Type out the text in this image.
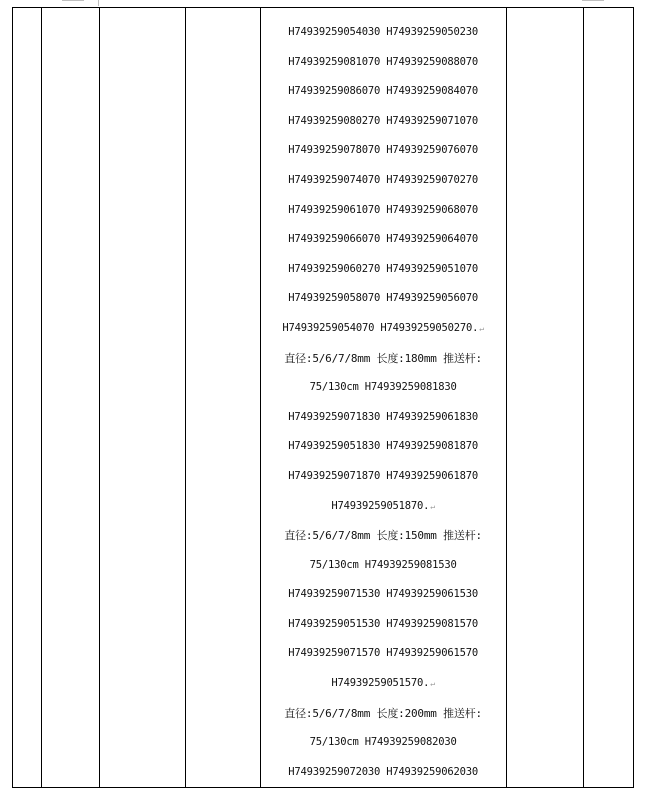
H74939259054030 H74939259050230
H74939259081070 H74939259088070
H74939259086070 H74939259084070
H74939259080270 H74939259071070
H74939259078070 H74939259076070
H74939259074070 H74939259070270
H74939259061070 H74939259068070
H74939259066070 H74939259064070
H74939259060270 H74939259051070
H74939259058070 H74939259056070
H74939259054070 H74939259050270.↵
直径:5/6/7/8mm 长度:180mm 推送杆:
75/130cm H74939259081830
H74939259071830 H74939259061830
H74939259051830 H74939259081870
H74939259071870 H74939259061870
H74939259051870.↵
直径:5/6/7/8mm 长度:150mm 推送杆:
75/130cm H74939259081530
H74939259071530 H74939259061530
H74939259051530 H74939259081570
H74939259071570 H74939259061570
H74939259051570.↵
直径:5/6/7/8mm 长度:200mm 推送杆:
75/130cm H74939259082030
H74939259072030 H74939259062030
